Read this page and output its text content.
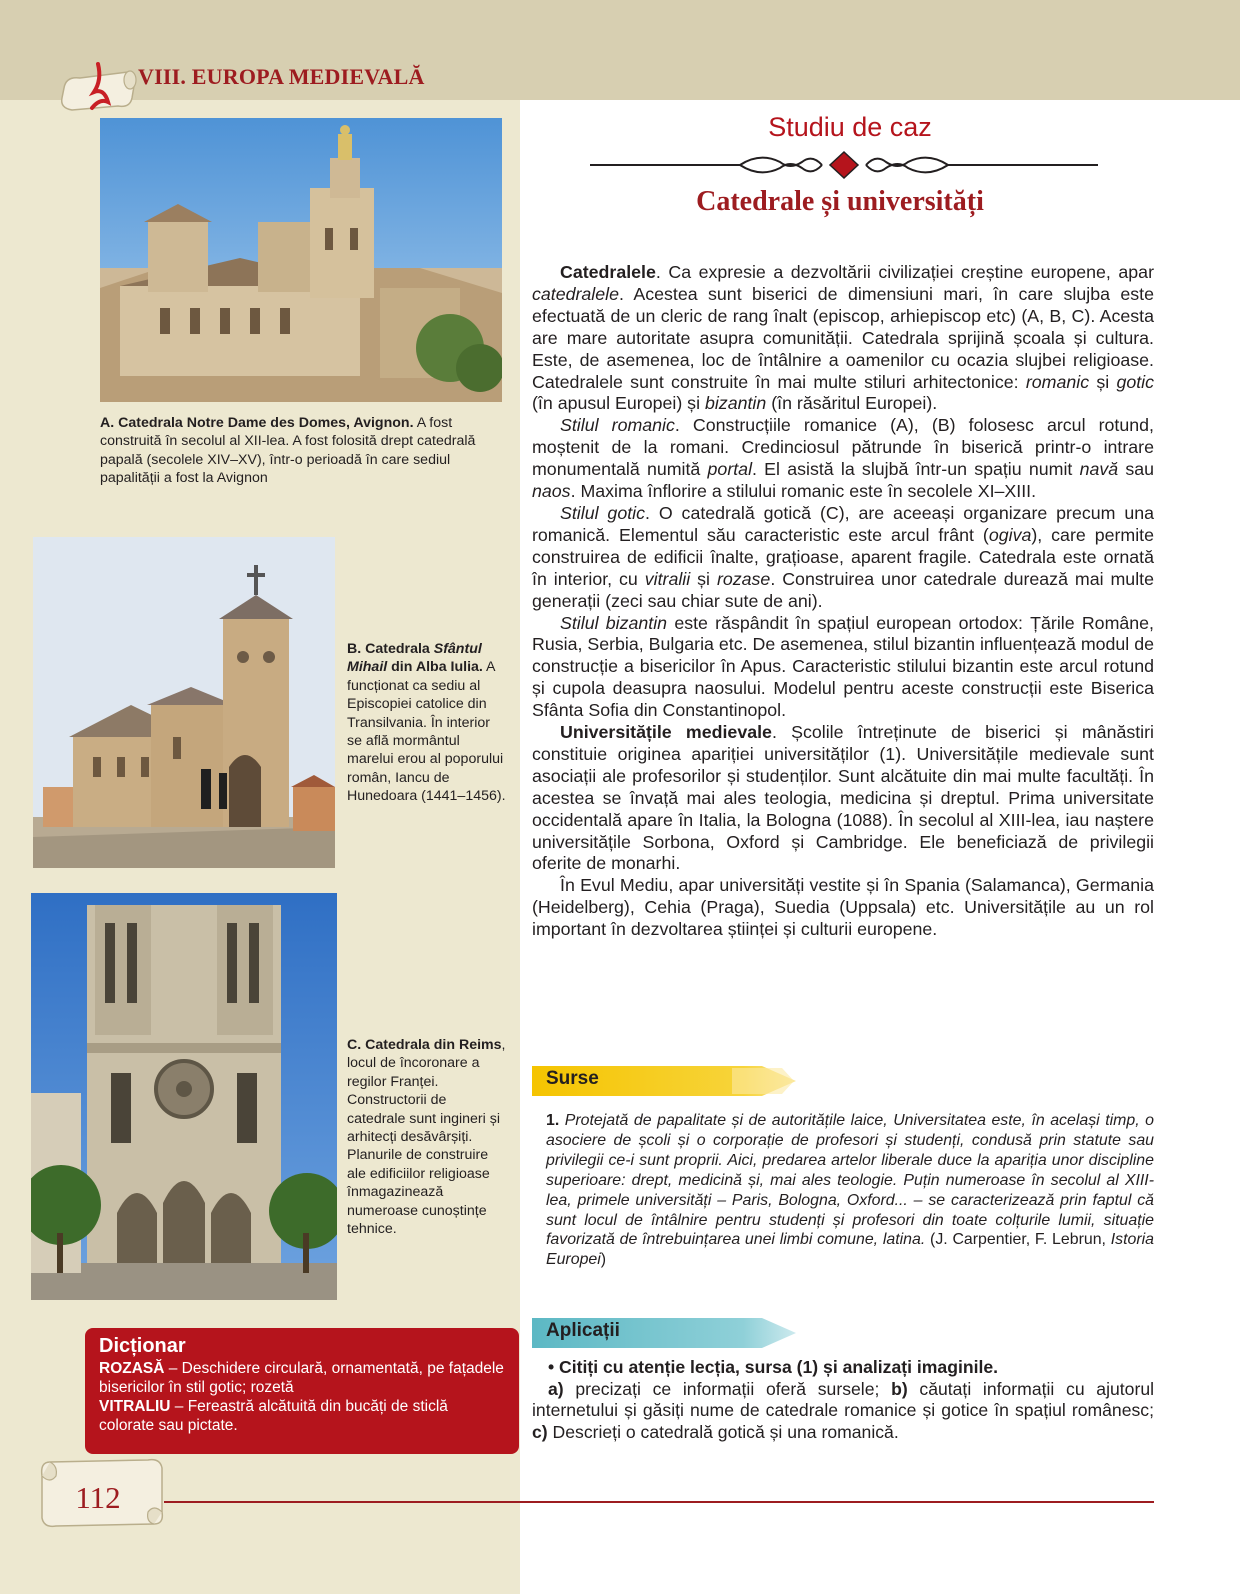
VIII. EUROPA MEDIEVALĂ
A. Catedrala Notre Dame des Domes, Avignon. A fost construită în secolul al XII-lea. A fost folosită drept catedrală papală (secolele XIV–XV), într-o perioadă în care sediul papalității a fost la Avignon
B. Catedrala Sfântul Mihail din Alba Iulia. A funcționat ca sediu al Episcopiei catolice din Transilvania. În interior se află mormântul marelui erou al poporului român, Iancu de Hunedoara (1441–1456).
C. Catedrala din Reims, locul de încoronare a regilor Franței. Constructorii de catedrale sunt ingineri și arhitecți desăvârșiți. Planurile de construire ale edificiilor religioase înmagazinează numeroase cunoștințe tehnice.
Dicționar

ROZASĂ – Deschidere circulară, ornamentată, pe fațadele bisericilor în stil gotic; rozetă

VITRALIU – Fereastră alcătuită din bucăți de sticlă colorate sau pictate.

112
Studiu de caz
Catedrale și universități

Catedralele. Ca expresie a dezvoltării civilizației creștine europene, apar catedralele. Acestea sunt biserici de dimensiuni mari, în care slujba este efectuată de un cleric de rang înalt (episcop, arhiepiscop etc) (A, B, C). Acesta are mare autoritate asupra comunității. Catedrala sprijină școala și cultura. Este, de asemenea, loc de întâlnire a oamenilor cu ocazia slujbei religioase. Catedralele sunt construite în mai multe stiluri arhitectonice: romanic și gotic (în apusul Europei) și bizantin (în răsăritul Europei).

Stilul romanic. Construcțiile romanice (A), (B) folosesc arcul rotund, moștenit de la romani. Credinciosul pătrunde în biserică printr-o intrare monumentală numită portal. El asistă la slujbă într-un spațiu numit navă sau naos. Maxima înflorire a stilului romanic este în secolele XI–XIII.

Stilul gotic. O catedrală gotică (C), are aceeași organizare precum una romanică. Elementul său caracteristic este arcul frânt (ogiva), care permite construirea de edificii înalte, grațioase, aparent fragile. Catedrala este ornată în interior, cu vitralii și rozase. Construirea unor catedrale durează mai multe generații (zeci sau chiar sute de ani).

Stilul bizantin este răspândit în spațiul european ortodox: Țările Române, Rusia, Serbia, Bulgaria etc. De asemenea, stilul bizantin influențează modul de construcție a bisericilor în Apus. Caracteristic stilului bizantin este arcul rotund și cupola deasupra naosului. Modelul pentru aceste construcții este Biserica Sfânta Sofia din Constantinopol.

Universitățile medievale. Școlile întreținute de biserici și mânăstiri constituie originea apariției universităților (1). Universitățile medievale sunt asociații ale profesorilor și studenților. Sunt alcătuite din mai multe facultăți. În acestea se învață mai ales teologia, medicina și dreptul. Prima universitate occidentală apare în Italia, la Bologna (1088). În secolul al XIII-lea, iau naștere universitățile Sorbona, Oxford și Cambridge. Ele beneficiază de privilegii oferite de monarhi.

În Evul Mediu, apar universități vestite și în Spania (Salamanca), Germania (Heidelberg), Cehia (Praga), Suedia (Uppsala) etc. Universitățile au un rol important în dezvoltarea științei și culturii europene.

Surse
1. Protejată de papalitate și de autoritățile laice, Universitatea este, în același timp, o asociere de școli și o corporație de profesori și studenți, condusă prin statute sau privilegii ce-i sunt proprii. Aici, predarea artelor liberale duce la apariția unor discipline superioare: drept, medicină și, mai ales teologie. Puțin numeroase în secolul al XIII-lea, primele universități – Paris, Bologna, Oxford... – se caracterizează prin faptul că sunt locul de întâlnire pentru studenți și profesori din toate colțurile lumii, situație favorizată de întrebuințarea unei limbi comune, latina. (J. Carpentier, F. Lebrun, Istoria Europei)
Aplicații

• Citiți cu atenție lecția, sursa (1) și analizați imaginile.

a) precizați ce informații oferă sursele; b) căutați informații cu ajutorul internetului și găsiți nume de catedrale romanice și gotice în spațiul românesc; c) Descrieți o catedrală gotică și una romanică.
